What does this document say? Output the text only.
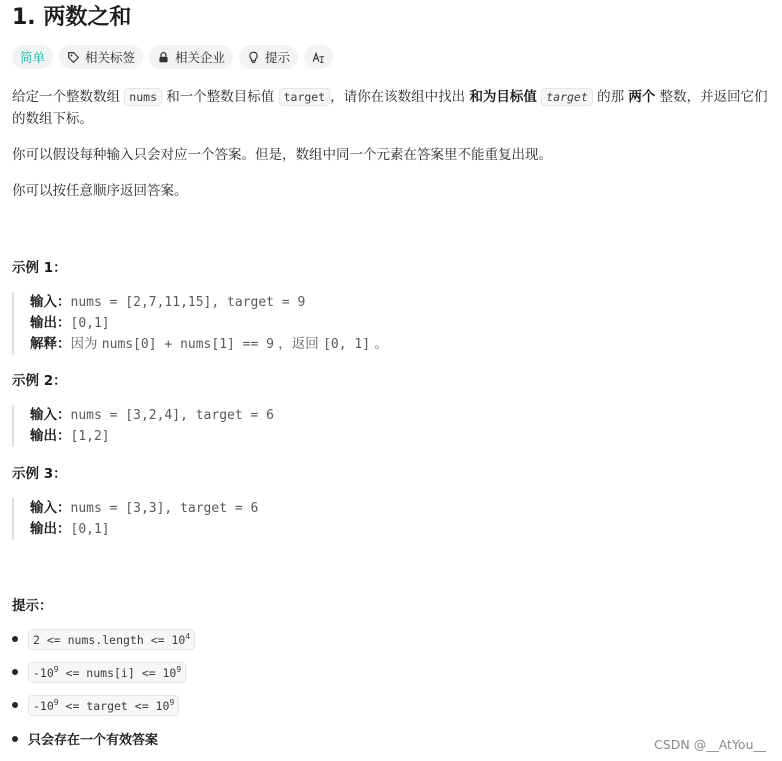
1. 两数之和
简单	相关标签	相关企业	提示
给定一个整数数组 nums 和一个整数目标值 target ，请你在该数组中找出 和为目标值 target 的那 两个 整数，并返回它们的数组下标。
你可以假设每种输入只会对应一个答案。但是，数组中同一个元素在答案里不能重复出现。
你可以按任意顺序返回答案。
示例 1：
输入：nums = [2,7,11,15], target = 9
输出：[0,1]
解释：因为 nums[0] + nums[1] == 9 ，返回 [0, 1] 。
示例 2：
输入：nums = [3,2,4], target = 6
输出：[1,2]
示例 3：
输入：nums = [3,3], target = 6
输出：[0,1]
提示：
2 <= nums.length <= $10^4$
$-10^9$ <= nums[i] <= $10^9$
$-10^9$ <= target <= $10^9$
只会存在一个有效答案	CSDN @__AtYou__
